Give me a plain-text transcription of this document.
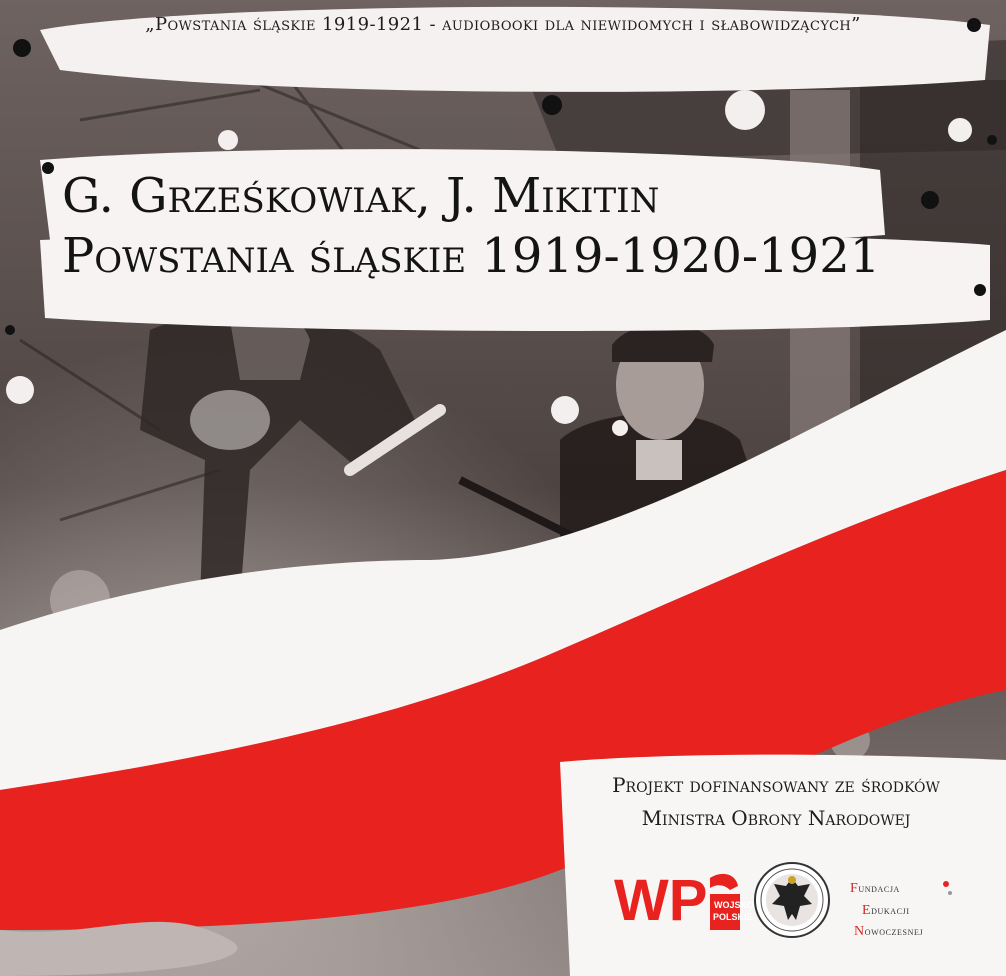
„Powstania śląskie 1919-1921 - audiobooki dla niewidomych i słabowidzących”
G. Grześkowiak, J. Mikitin
Powstania śląskie 1919-1920-1921
Projekt dofinansowany ze środków
Ministra Obrony Narodowej
WP WOJSKO
POLSKIE
Fundacja
Edukacji
Nowoczesnej
